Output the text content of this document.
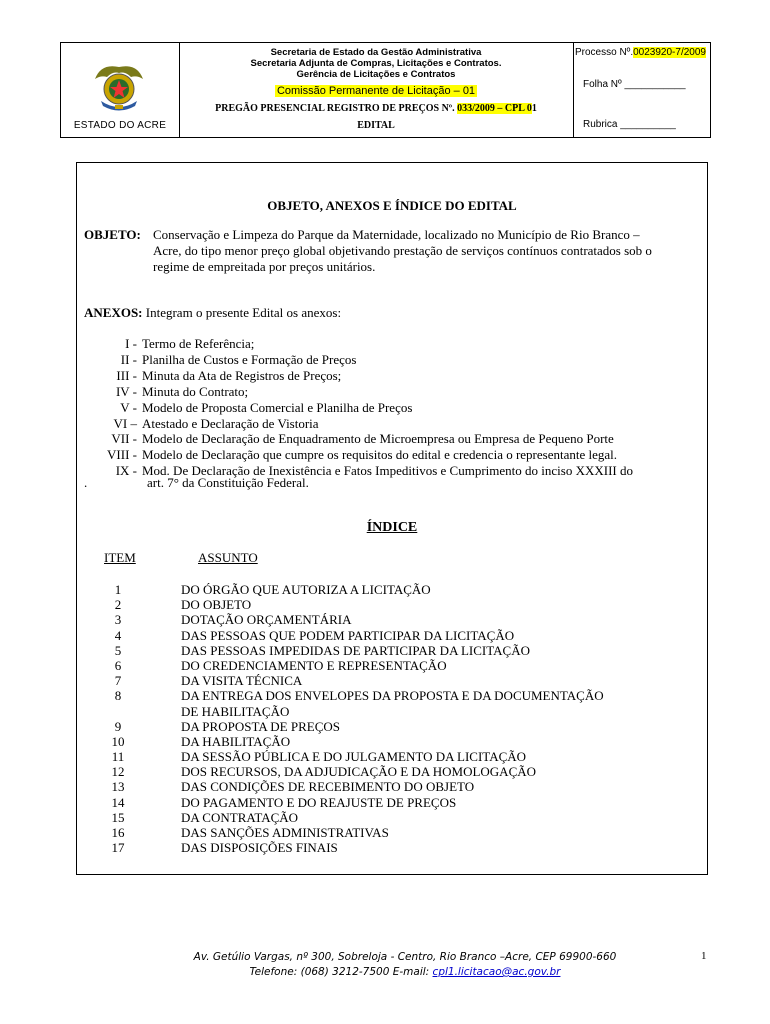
ESTADO DO ACRE
Secretaria de Estado da Gestão Administrativa
Secretaria Adjunta de Compras, Licitações e Contratos.
Gerência de Licitações e Contratos
Comissão Permanente de Licitação – 01
PREGÃO PRESENCIAL REGISTRO DE PREÇOS Nº. 033/2009 – CPL 01
EDITAL
Processo Nº.0023920-7/2009
Folha Nº ___________
Rubrica __________
OBJETO, ANEXOS E ÍNDICE DO EDITAL
OBJETO: Conservação e Limpeza do Parque da Maternidade, localizado no Município de Rio Branco –
Acre, do tipo menor preço global objetivando prestação de serviços contínuos contratados sob o
regime de empreitada por preços unitários.
ANEXOS: Integram o presente Edital os anexos:
I - Termo de Referência;
II - Planilha de Custos e Formação de Preços
III - Minuta da Ata de Registros de Preços;
IV - Minuta do Contrato;
V - Modelo de Proposta Comercial e Planilha de Preços
VI – Atestado e Declaração de Vistoria
VII - Modelo de Declaração de Enquadramento de Microempresa ou Empresa de Pequeno Porte
VIII - Modelo de Declaração que cumpre os requisitos do edital e credencia o representante legal.
IX - Mod. De Declaração de Inexistência e Fatos Impeditivos e Cumprimento do inciso XXXIII do
.	art. 7° da Constituição Federal.
ÍNDICE
ITEM	ASSUNTO
1	DO ÓRGÃO QUE AUTORIZA A LICITAÇÃO
2	DO OBJETO
3	DOTAÇÃO ORÇAMENTÁRIA
4	DAS PESSOAS QUE PODEM PARTICIPAR DA LICITAÇÃO
5	DAS PESSOAS IMPEDIDAS DE PARTICIPAR DA LICITAÇÃO
6	DO CREDENCIAMENTO E REPRESENTAÇÃO
7	DA VISITA TÉCNICA
8	DA ENTREGA DOS ENVELOPES DA PROPOSTA E DA DOCUMENTAÇÃO
DE HABILITAÇÃO
9	DA PROPOSTA DE PREÇOS
10	DA HABILITAÇÃO
11	DA SESSÃO PÚBLICA E DO JULGAMENTO DA LICITAÇÃO
12	DOS RECURSOS, DA ADJUDICAÇÃO E DA HOMOLOGAÇÃO
13	DAS CONDIÇÕES DE RECEBIMENTO DO OBJETO
14	DO PAGAMENTO E DO REAJUSTE DE PREÇOS
15	DA CONTRATAÇÃO
16	DAS SANÇÕES ADMINISTRATIVAS
17	DAS DISPOSIÇÕES FINAIS
Av. Getúlio Vargas, nº 300, Sobreloja - Centro, Rio Branco –Acre, CEP 69900-660
Telefone: (068) 3212-7500 E-mail: cpl1.licitacao@ac.gov.br
1
